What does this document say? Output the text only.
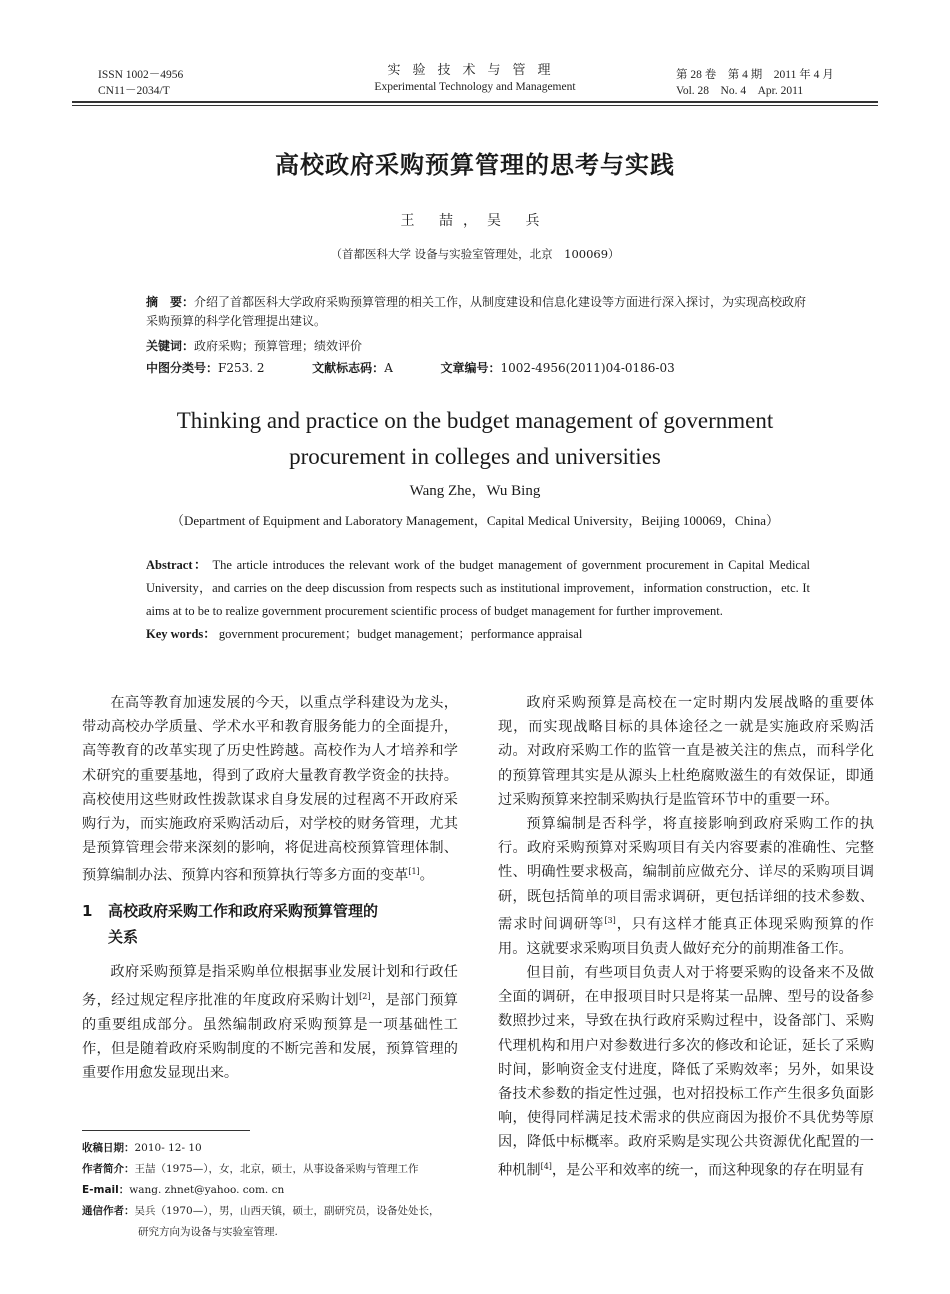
ISSN 1002－4956
CN11－2034/T
实验技术与管理
Experimental Technology and Management
第 28 卷　第 4 期　2011 年 4 月
Vol. 28　No. 4　Apr. 2011
高校政府采购预算管理的思考与实践
王 喆，吴 兵
（首都医科大学 设备与实验室管理处，北京　100069）
摘　要：介绍了首都医科大学政府采购预算管理的相关工作，从制度建设和信息化建设等方面进行深入探讨，为实现高校政府采购预算的科学化管理提出建议。
关键词：政府采购；预算管理；绩效评价
中图分类号：F253. 2	文献标志码：A	文章编号：1002-4956(2011)04-0186-03
Thinking and practice on the budget management of government
procurement in colleges and universities
Wang Zhe，Wu Bing
（Department of Equipment and Laboratory Management，Capital Medical University，Beijing 100069，China）
Abstract： The article introduces the relevant work of the budget management of government procurement in Capital Medical University，and carries on the deep discussion from respects such as institutional improvement，information construction，etc. It aims at to be to realize government procurement scientific process of budget management for further improvement.
Key words： government procurement；budget management；performance appraisal

在高等教育加速发展的今天，以重点学科建设为龙头，带动高校办学质量、学术水平和教育服务能力的全面提升，高等教育的改革实现了历史性跨越。高校作为人才培养和学术研究的重要基地，得到了政府大量教育教学资金的扶持。高校使用这些财政性拨款谋求自身发展的过程离不开政府采购行为，而实施政府采购活动后，对学校的财务管理，尤其是预算管理会带来深刻的影响，将促进高校预算管理体制、预算编制办法、预算内容和预算执行等多方面的变革[1]。

1 高校政府采购工作和政府采购预算管理的
关系

政府采购预算是指采购单位根据事业发展计划和行政任务，经过规定程序批准的年度政府采购计划[2]，是部门预算的重要组成部分。虽然编制政府采购预算是一项基础性工作，但是随着政府采购制度的不断完善和发展，预算管理的重要作用愈发显现出来。

收稿日期：2010- 12- 10
作者简介：王喆（1975—），女，北京，硕士，从事设备采购与管理工作
E-mail：wang. zhnet@yahoo. com. cn
通信作者：吴兵（1970—），男，山西天镇，硕士，副研究员，设备处处长，
研究方向为设备与实验室管理.

政府采购预算是高校在一定时期内发展战略的重要体现，而实现战略目标的具体途径之一就是实施政府采购活动。对政府采购工作的监管一直是被关注的焦点，而科学化的预算管理其实是从源头上杜绝腐败滋生的有效保证，即通过采购预算来控制采购执行是监管环节中的重要一环。

预算编制是否科学，将直接影响到政府采购工作的执行。政府采购预算对采购项目有关内容要素的准确性、完整性、明确性要求极高，编制前应做充分、详尽的采购项目调研，既包括简单的项目需求调研，更包括详细的技术参数、需求时间调研等[3]，只有这样才能真正体现采购预算的作用。这就要求采购项目负责人做好充分的前期准备工作。

但目前，有些项目负责人对于将要采购的设备来不及做全面的调研，在申报项目时只是将某一品牌、型号的设备参数照抄过来，导致在执行政府采购过程中，设备部门、采购代理机构和用户对参数进行多次的修改和论证，延长了采购时间，影响资金支付进度，降低了采购效率；另外，如果设备技术参数的指定性过强，也对招投标工作产生很多负面影响，使得同样满足技术需求的供应商因为报价不具优势等原因，降低中标概率。政府采购是实现公共资源优化配置的一种机制[4]，是公平和效率的统一，而这种现象的存在明显有
